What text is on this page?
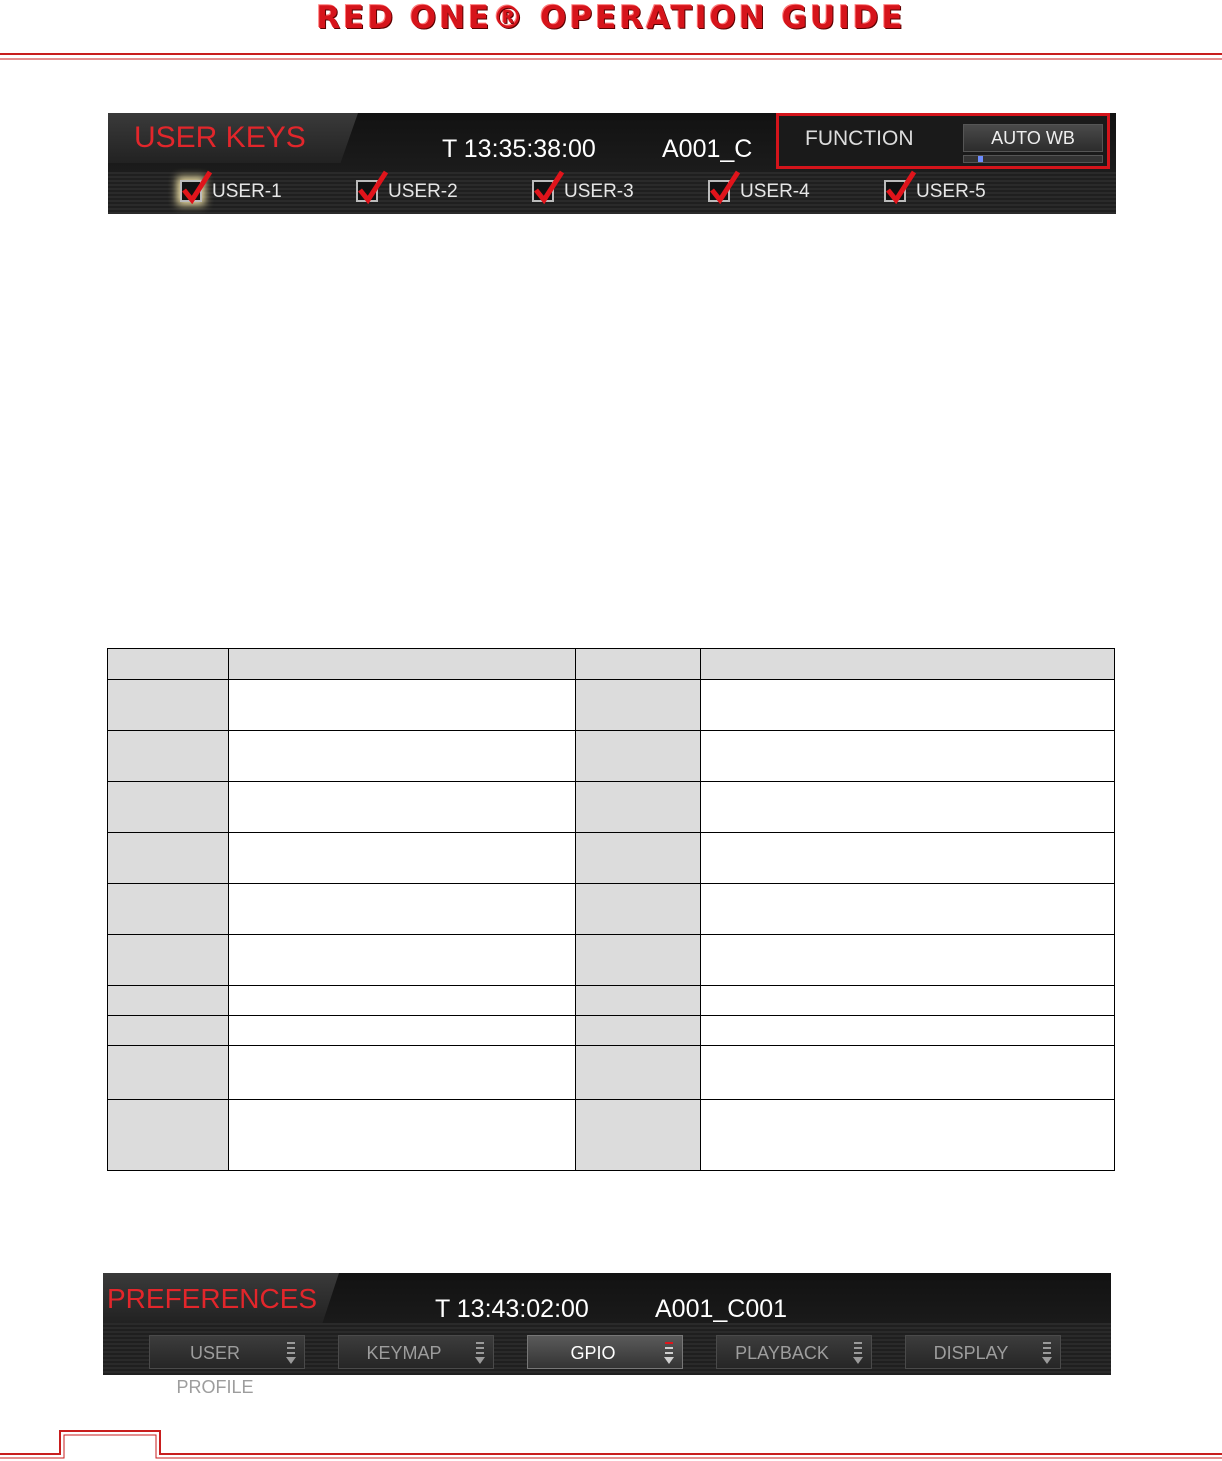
RED ONE® OPERATION GUIDE
USER KEYS	T 13:35:38:00	A001_C	FUNCTION	AUTO WB
USER-1	USER-2	USER-3	USER-4	USER-5

PREFERENCES	T 13:43:02:00	A001_C001
USER PROFILE
KEYMAP	GPIO	PLAYBACK	DISPLAY
